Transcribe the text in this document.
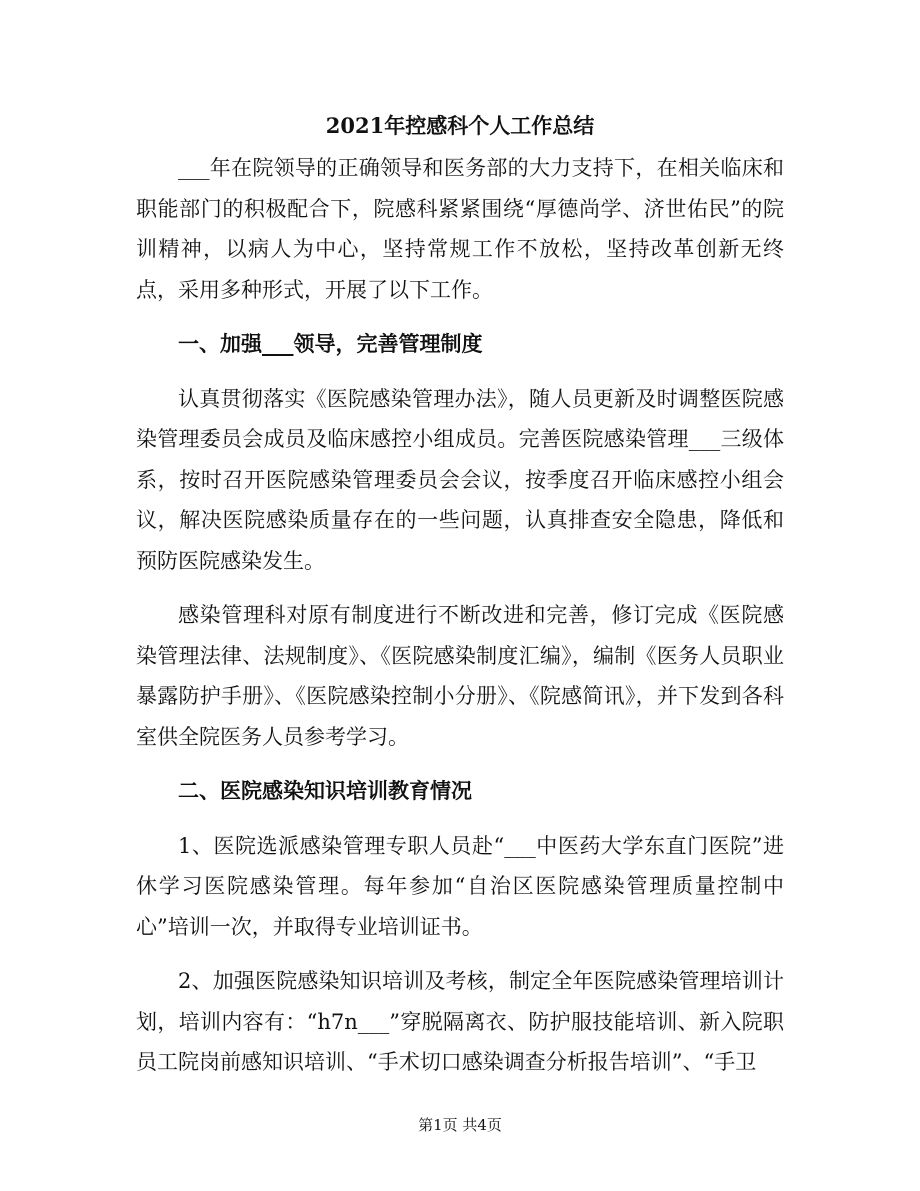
2021年控感科个人工作总结

___年在院领导的正确领导和医务部的大力支持下，在相关临床和职能部门的积极配合下，院感科紧紧围绕“厚德尚学、济世佑民”的院训精神，以病人为中心，坚持常规工作不放松，坚持改革创新无终点，采用多种形式，开展了以下工作。

一、加强___领导，完善管理制度

认真贯彻落实《医院感染管理办法》，随人员更新及时调整医院感染管理委员会成员及临床感控小组成员。完善医院感染管理___三级体系，按时召开医院感染管理委员会会议，按季度召开临床感控小组会议，解决医院感染质量存在的一些问题，认真排查安全隐患，降低和预防医院感染发生。

感染管理科对原有制度进行不断改进和完善，修订完成《医院感染管理法律、法规制度》、《医院感染制度汇编》，编制《医务人员职业暴露防护手册》、《医院感染控制小分册》、《院感简讯》，并下发到各科室供全院医务人员参考学习。

二、医院感染知识培训教育情况

1、医院选派感染管理专职人员赴“___中医药大学东直门医院”进休学习医院感染管理。每年参加“自治区医院感染管理质量控制中心”培训一次，并取得专业培训证书。

2、加强医院感染知识培训及考核，制定全年医院感染管理培训计划，培训内容有：“h7n___”穿脱隔离衣、防护服技能培训、新入院职员工院岗前感知识培训、“手术切口感染调查分析报告培训”、“手卫

第1页 共4页
